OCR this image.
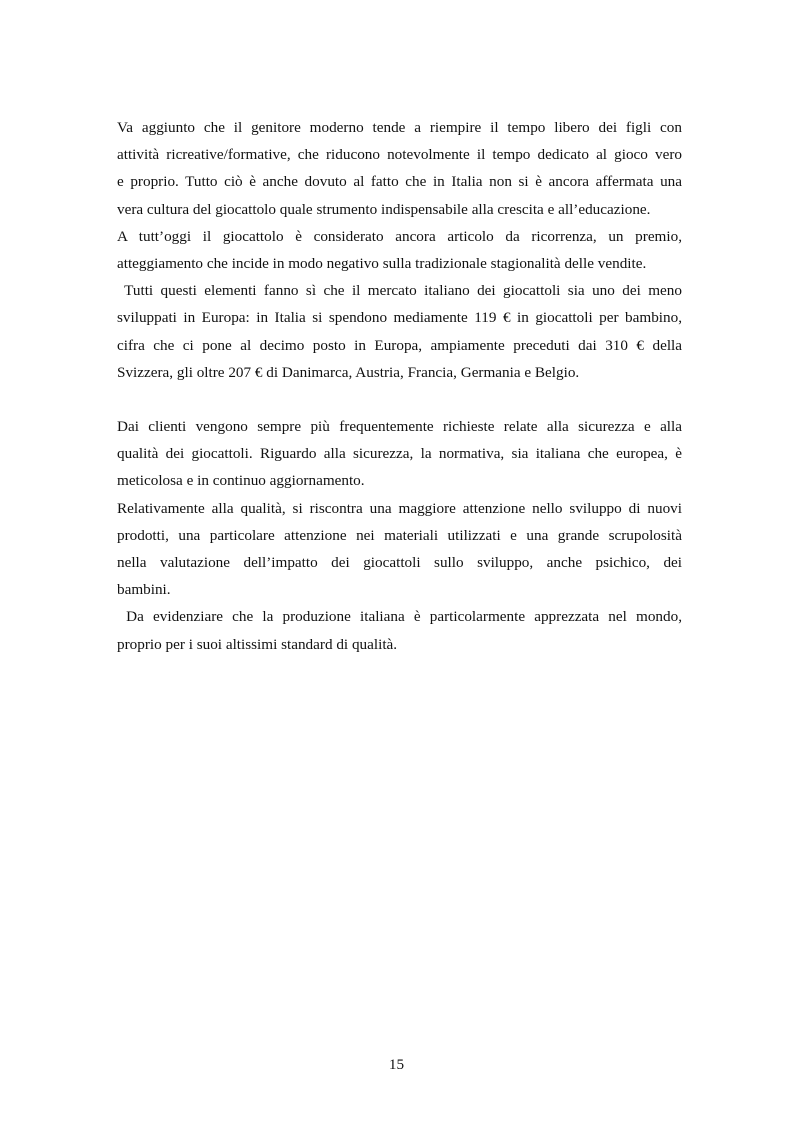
Va aggiunto che il genitore moderno tende a riempire il tempo libero dei figli con
attività ricreative/formative, che riducono notevolmente il tempo dedicato al gioco vero
e proprio. Tutto ciò è anche dovuto al fatto che in Italia non si è ancora affermata una
vera cultura del giocattolo quale strumento indispensabile alla crescita e all’educazione.
A tutt’oggi il giocattolo è considerato ancora articolo da ricorrenza, un premio,
atteggiamento che incide in modo negativo sulla tradizionale stagionalità delle vendite.
Tutti questi elementi fanno sì che il mercato italiano dei giocattoli sia uno dei meno
sviluppati in Europa: in Italia si spendono mediamente 119 € in giocattoli per bambino,
cifra che ci pone al decimo posto in Europa, ampiamente preceduti dai 310 € della
Svizzera, gli oltre 207 € di Danimarca, Austria, Francia, Germania e Belgio.
Dai clienti vengono sempre più frequentemente richieste relate alla sicurezza e alla
qualità dei giocattoli. Riguardo alla sicurezza, la normativa, sia italiana che europea, è
meticolosa e in continuo aggiornamento.
Relativamente alla qualità, si riscontra una maggiore attenzione nello sviluppo di nuovi
prodotti, una particolare attenzione nei materiali utilizzati e una grande scrupolosità
nella valutazione dell’impatto dei giocattoli sullo sviluppo, anche psichico, dei
bambini.
Da evidenziare che la produzione italiana è particolarmente apprezzata nel mondo,
proprio per i suoi altissimi standard di qualità.
15
